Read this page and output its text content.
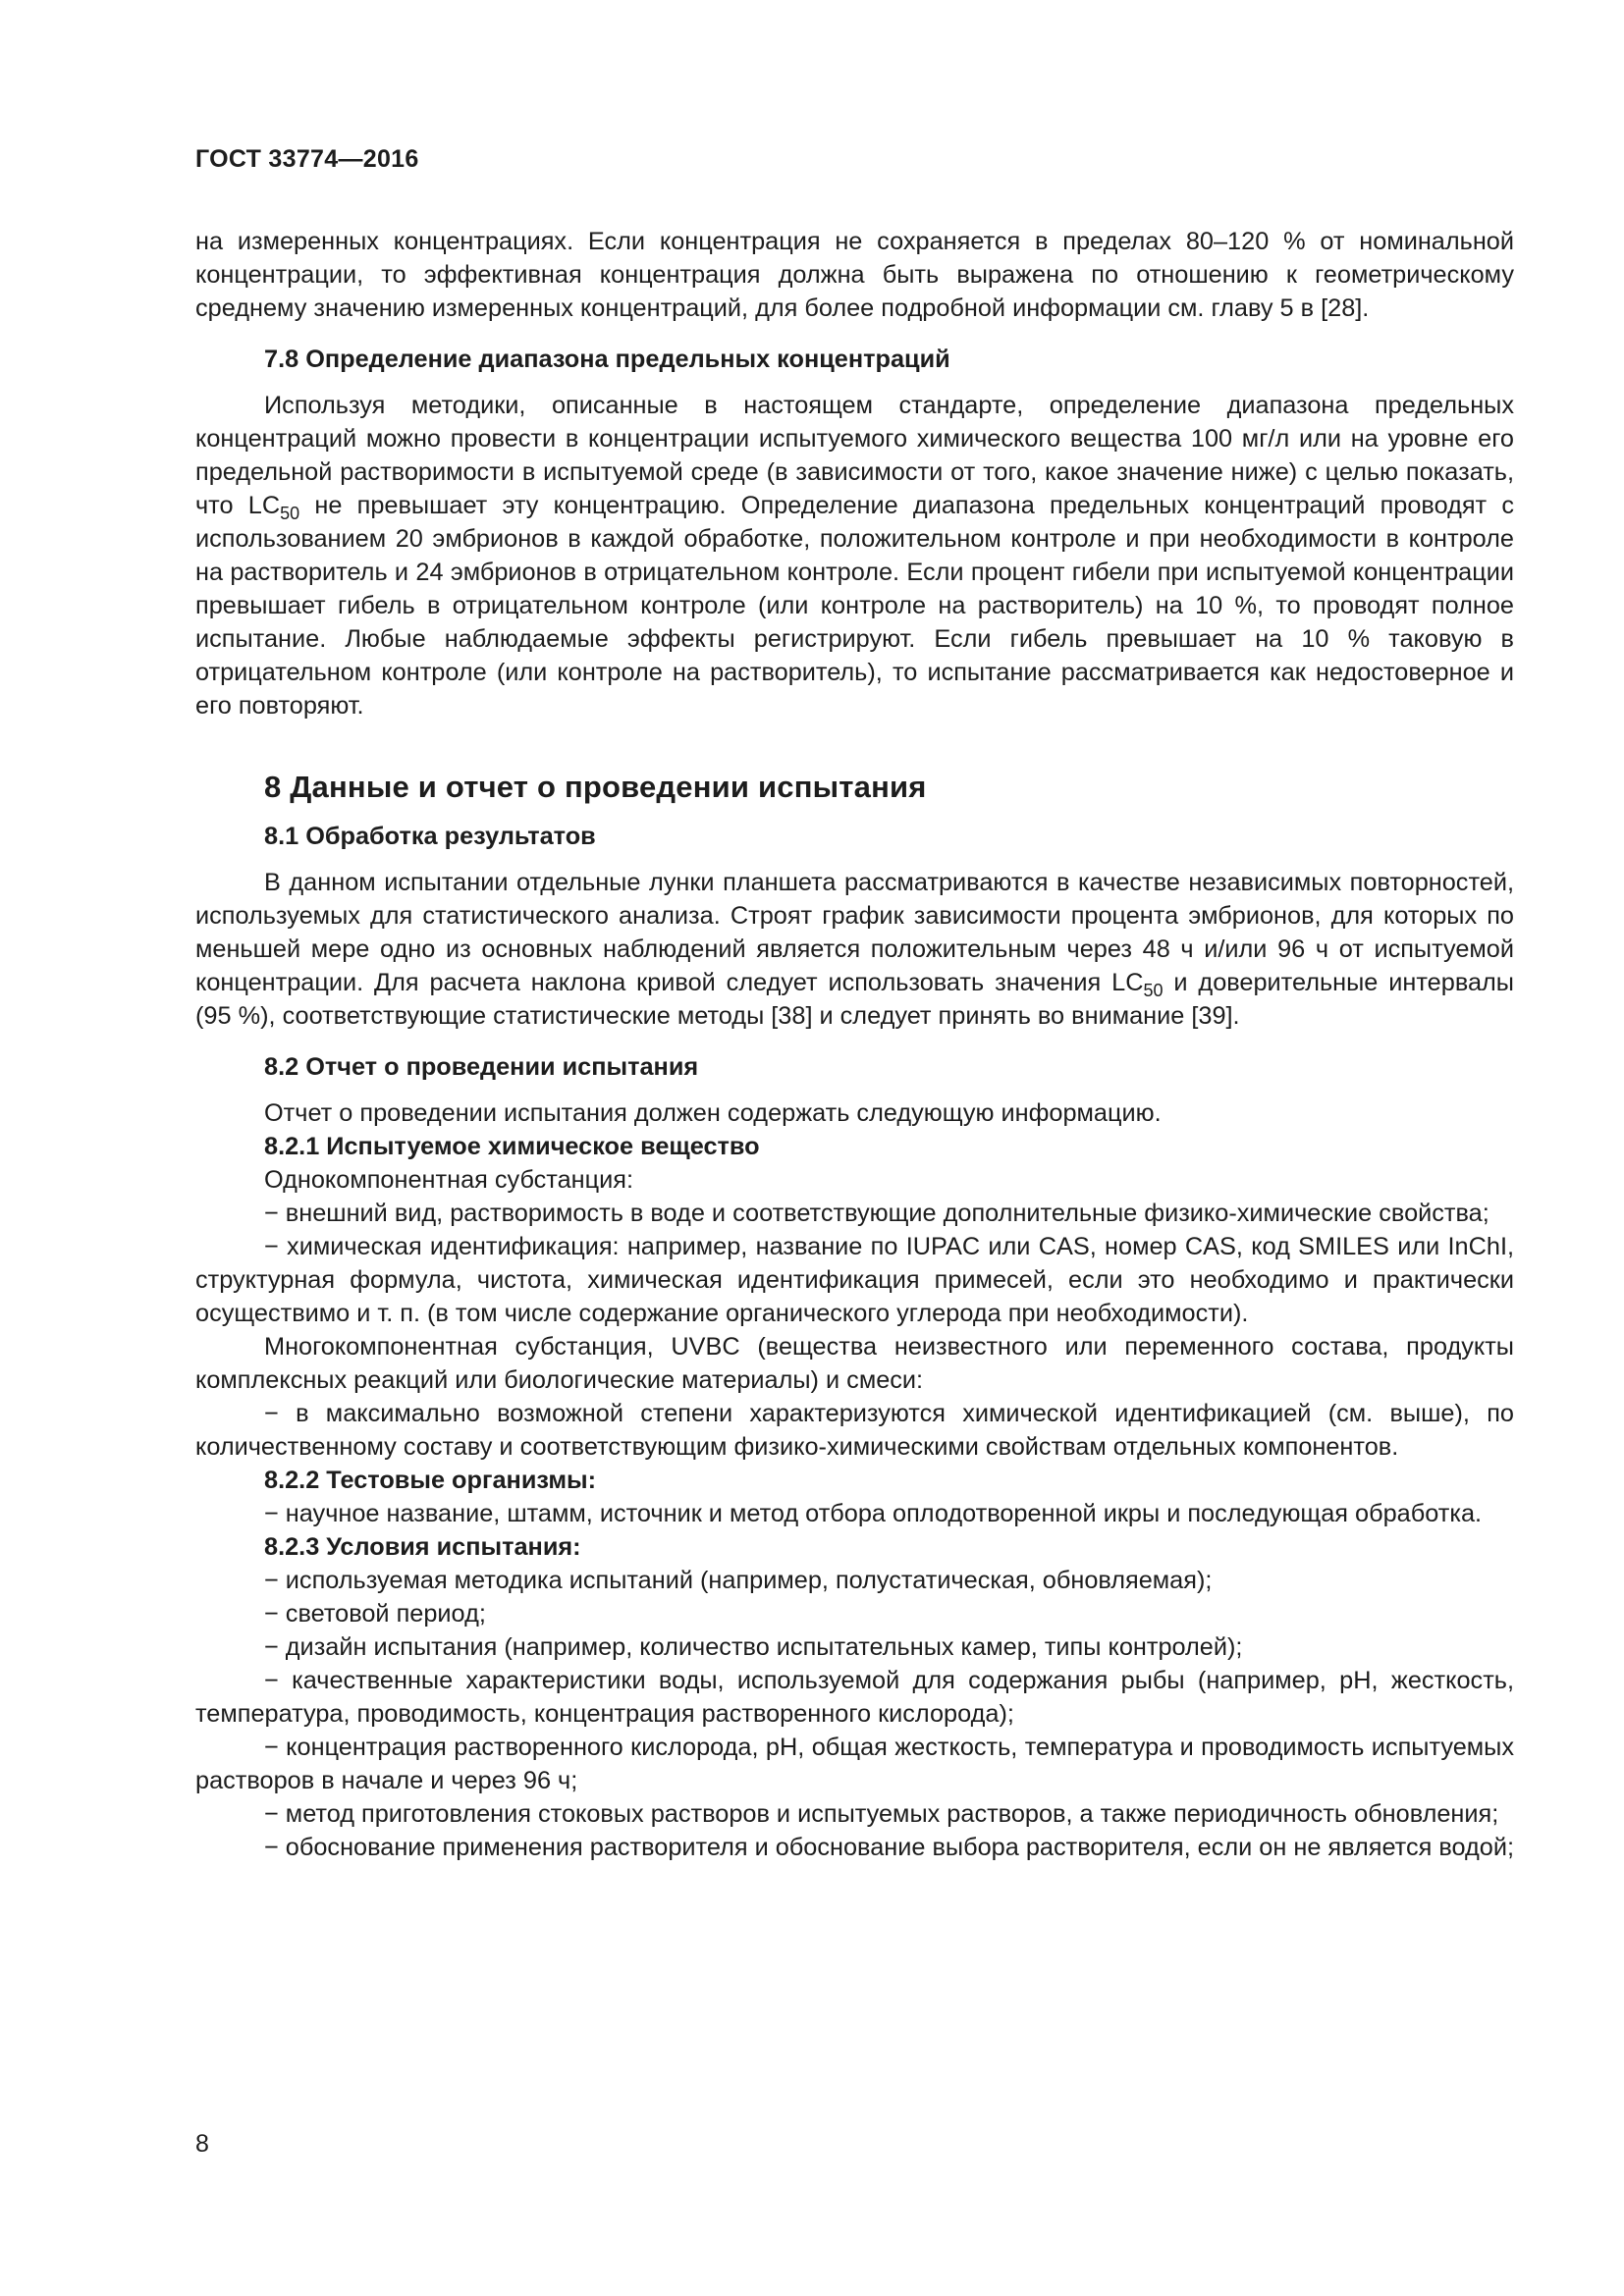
ГОСТ 33774—2016

на измеренных концентрациях. Если концентрация не сохраняется в пределах 80–120 % от номинальной концентрации, то эффективная концентрация должна быть выражена по отношению к геометрическому среднему значению измеренных концентраций, для более подробной информации см. главу 5 в [28].

7.8 Определение диапазона предельных концентраций

Используя методики, описанные в настоящем стандарте, определение диапазона предельных концентраций можно провести в концентрации испытуемого химического вещества 100 мг/л или на уровне его предельной растворимости в испытуемой среде (в зависимости от того, какое значение ниже) с целью показать, что $LC_{50}$ не превышает эту концентрацию. Определение диапазона предельных концентраций проводят с использованием 20 эмбрионов в каждой обработке, положительном контроле и при необходимости в контроле на растворитель и 24 эмбрионов в отрицательном контроле. Если процент гибели при испытуемой концентрации превышает гибель в отрицательном контроле (или контроле на растворитель) на 10 %, то проводят полное испытание. Любые наблюдаемые эффекты регистрируют. Если гибель превышает на 10 % таковую в отрицательном контроле (или контроле на растворитель), то испытание рассматривается как недостоверное и его повторяют.

8 Данные и отчет о проведении испытания
8.1 Обработка результатов

В данном испытании отдельные лунки планшета рассматриваются в качестве независимых повторностей, используемых для статистического анализа. Строят график зависимости процента эмбрионов, для которых по меньшей мере одно из основных наблюдений является положительным через 48 ч и/или 96 ч от испытуемой концентрации. Для расчета наклона кривой следует использовать значения $LC_{50}$ и доверительные интервалы (95 %), соответствующие статистические методы [38] и следует принять во внимание [39].

8.2 Отчет о проведении испытания

Отчет о проведении испытания должен содержать следующую информацию.

8.2.1 Испытуемое химическое вещество

Однокомпонентная субстанция:

− внешний вид, растворимость в воде и соответствующие дополнительные физико-химические свойства;

− химическая идентификация: например, название по IUPAC или CAS, номер CAS, код SMILES или InChI, структурная формула, чистота, химическая идентификация примесей, если это необходимо и практически осуществимо и т. п. (в том числе содержание органического углерода при необходимости).

Многокомпонентная субстанция, UVBC (вещества неизвестного или переменного состава, продукты комплексных реакций или биологические материалы) и смеси:

− в максимально возможной степени характеризуются химической идентификацией (см. выше), по количественному составу и соответствующим физико-химическими свойствам отдельных компонентов.

8.2.2 Тестовые организмы:

− научное название, штамм, источник и метод отбора оплодотворенной икры и последующая обработка.

8.2.3 Условия испытания:

− используемая методика испытаний (например, полустатическая, обновляемая);

− световой период;

− дизайн испытания (например, количество испытательных камер, типы контролей);

− качественные характеристики воды, используемой для содержания рыбы (например, pH, жесткость, температура, проводимость, концентрация растворенного кислорода);

− концентрация растворенного кислорода, pH, общая жесткость, температура и проводимость испытуемых растворов в начале и через 96 ч;

− метод приготовления стоковых растворов и испытуемых растворов, а также периодичность обновления;

− обоснование применения растворителя и обоснование выбора растворителя, если он не является водой;

8
